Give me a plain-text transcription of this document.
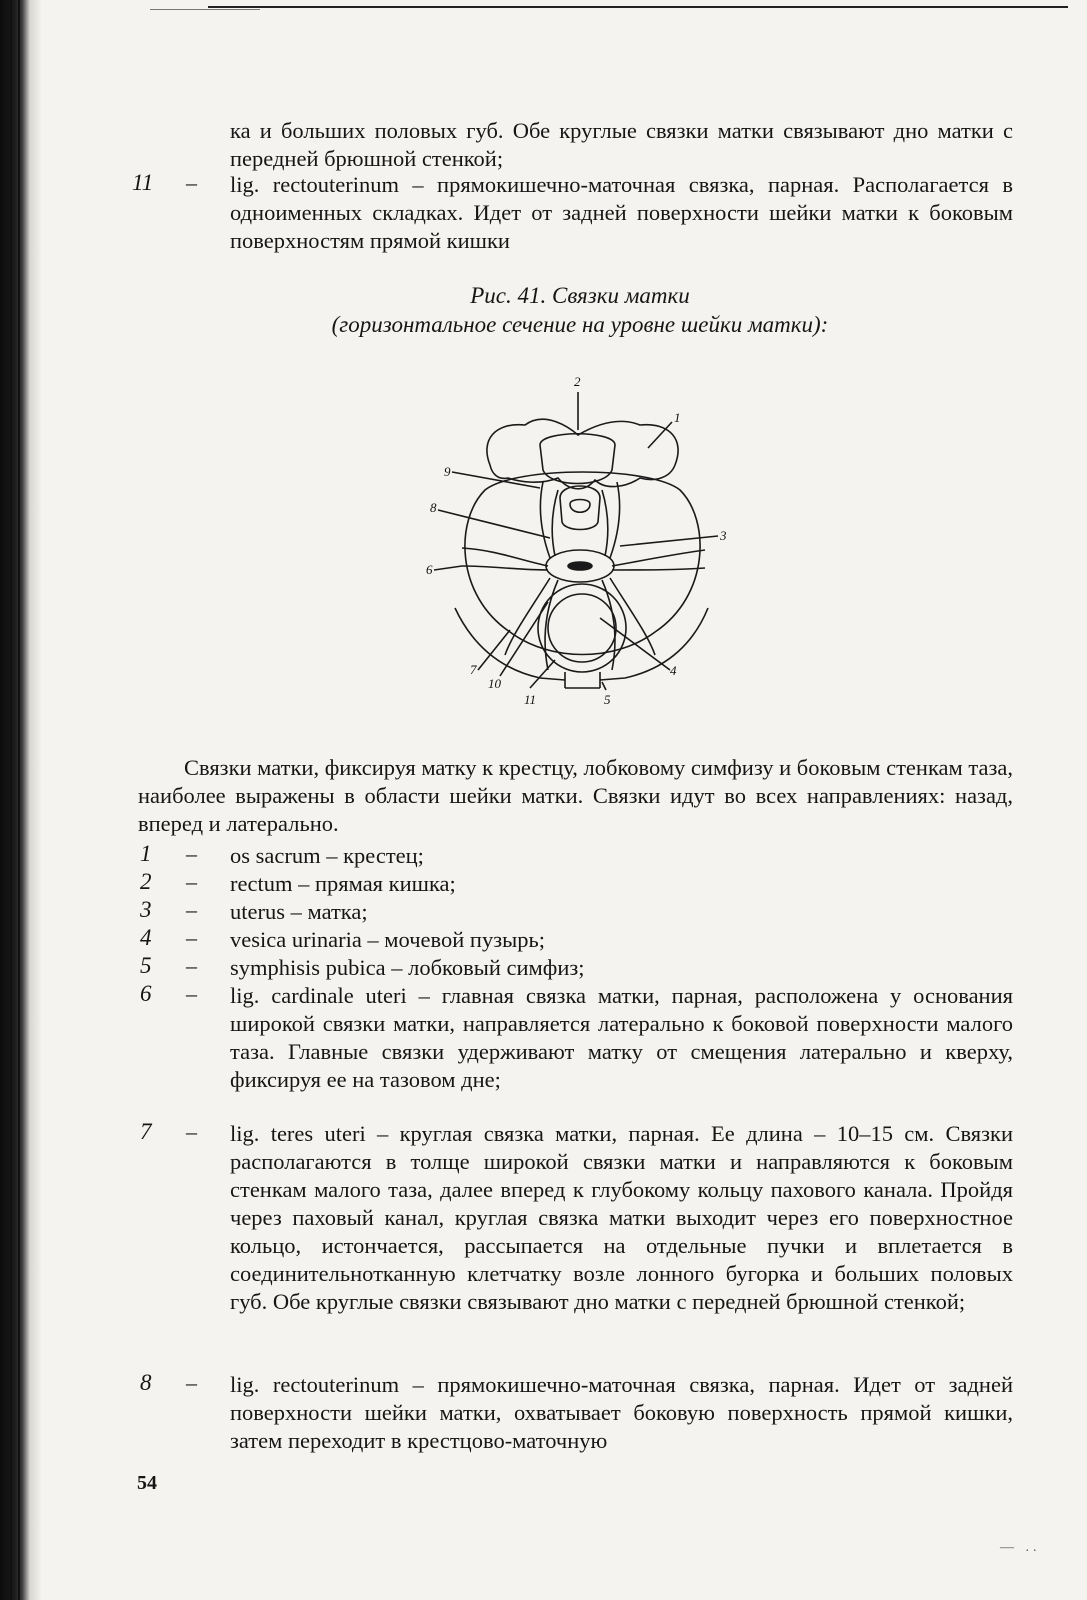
ка и больших половых губ. Обе круглые связки матки связывают дно матки с передней брюшной стенкой;
11 – lig. rectouterinum – прямокишечно-маточная связка, парная. Располагается в одноименных складках. Идет от задней поверхности шейки матки к боковым поверхностям прямой кишки
Рис. 41. Связки матки
(горизонтальное сечение на уровне шейки матки):
2
1
9
8
3
6
4
7
10
11	5
Связки матки, фиксируя матку к крестцу, лобковому симфизу и боковым стенкам таза, наиболее выражены в области шейки матки. Связки идут во всех направлениях: назад, вперед и латерально.
1 – os sacrum – крестец;
2 – rectum – прямая кишка;
3 – uterus – матка;
4 – vesica urinaria – мочевой пузырь;
5 – symphisis pubica – лобковый симфиз;
6 – lig. cardinale uteri – главная связка матки, парная, расположена у основания широкой связки матки, направляется латерально к боковой поверхности малого таза. Главные связки удерживают матку от смещения латерально и кверху, фиксируя ее на тазовом дне;
7 – lig. teres uteri – круглая связка матки, парная. Ее длина – 10–15 см. Связки располагаются в толще широкой связки матки и направляются к боковым стенкам малого таза, далее вперед к глубокому кольцу пахового канала. Пройдя через паховый канал, круглая связка матки выходит через его поверхностное кольцо, истончается, рассыпается на отдельные пучки и вплетается в соединительнотканную клетчатку возле лонного бугорка и больших половых губ. Обе круглые связки связывают дно матки с передней брюшной стенкой;
8 – lig. rectouterinum – прямокишечно-маточная связка, парная. Идет от задней поверхности шейки матки, охватывает боковую поверхность прямой кишки, затем переходит в крестцово-маточную
54
— ..
